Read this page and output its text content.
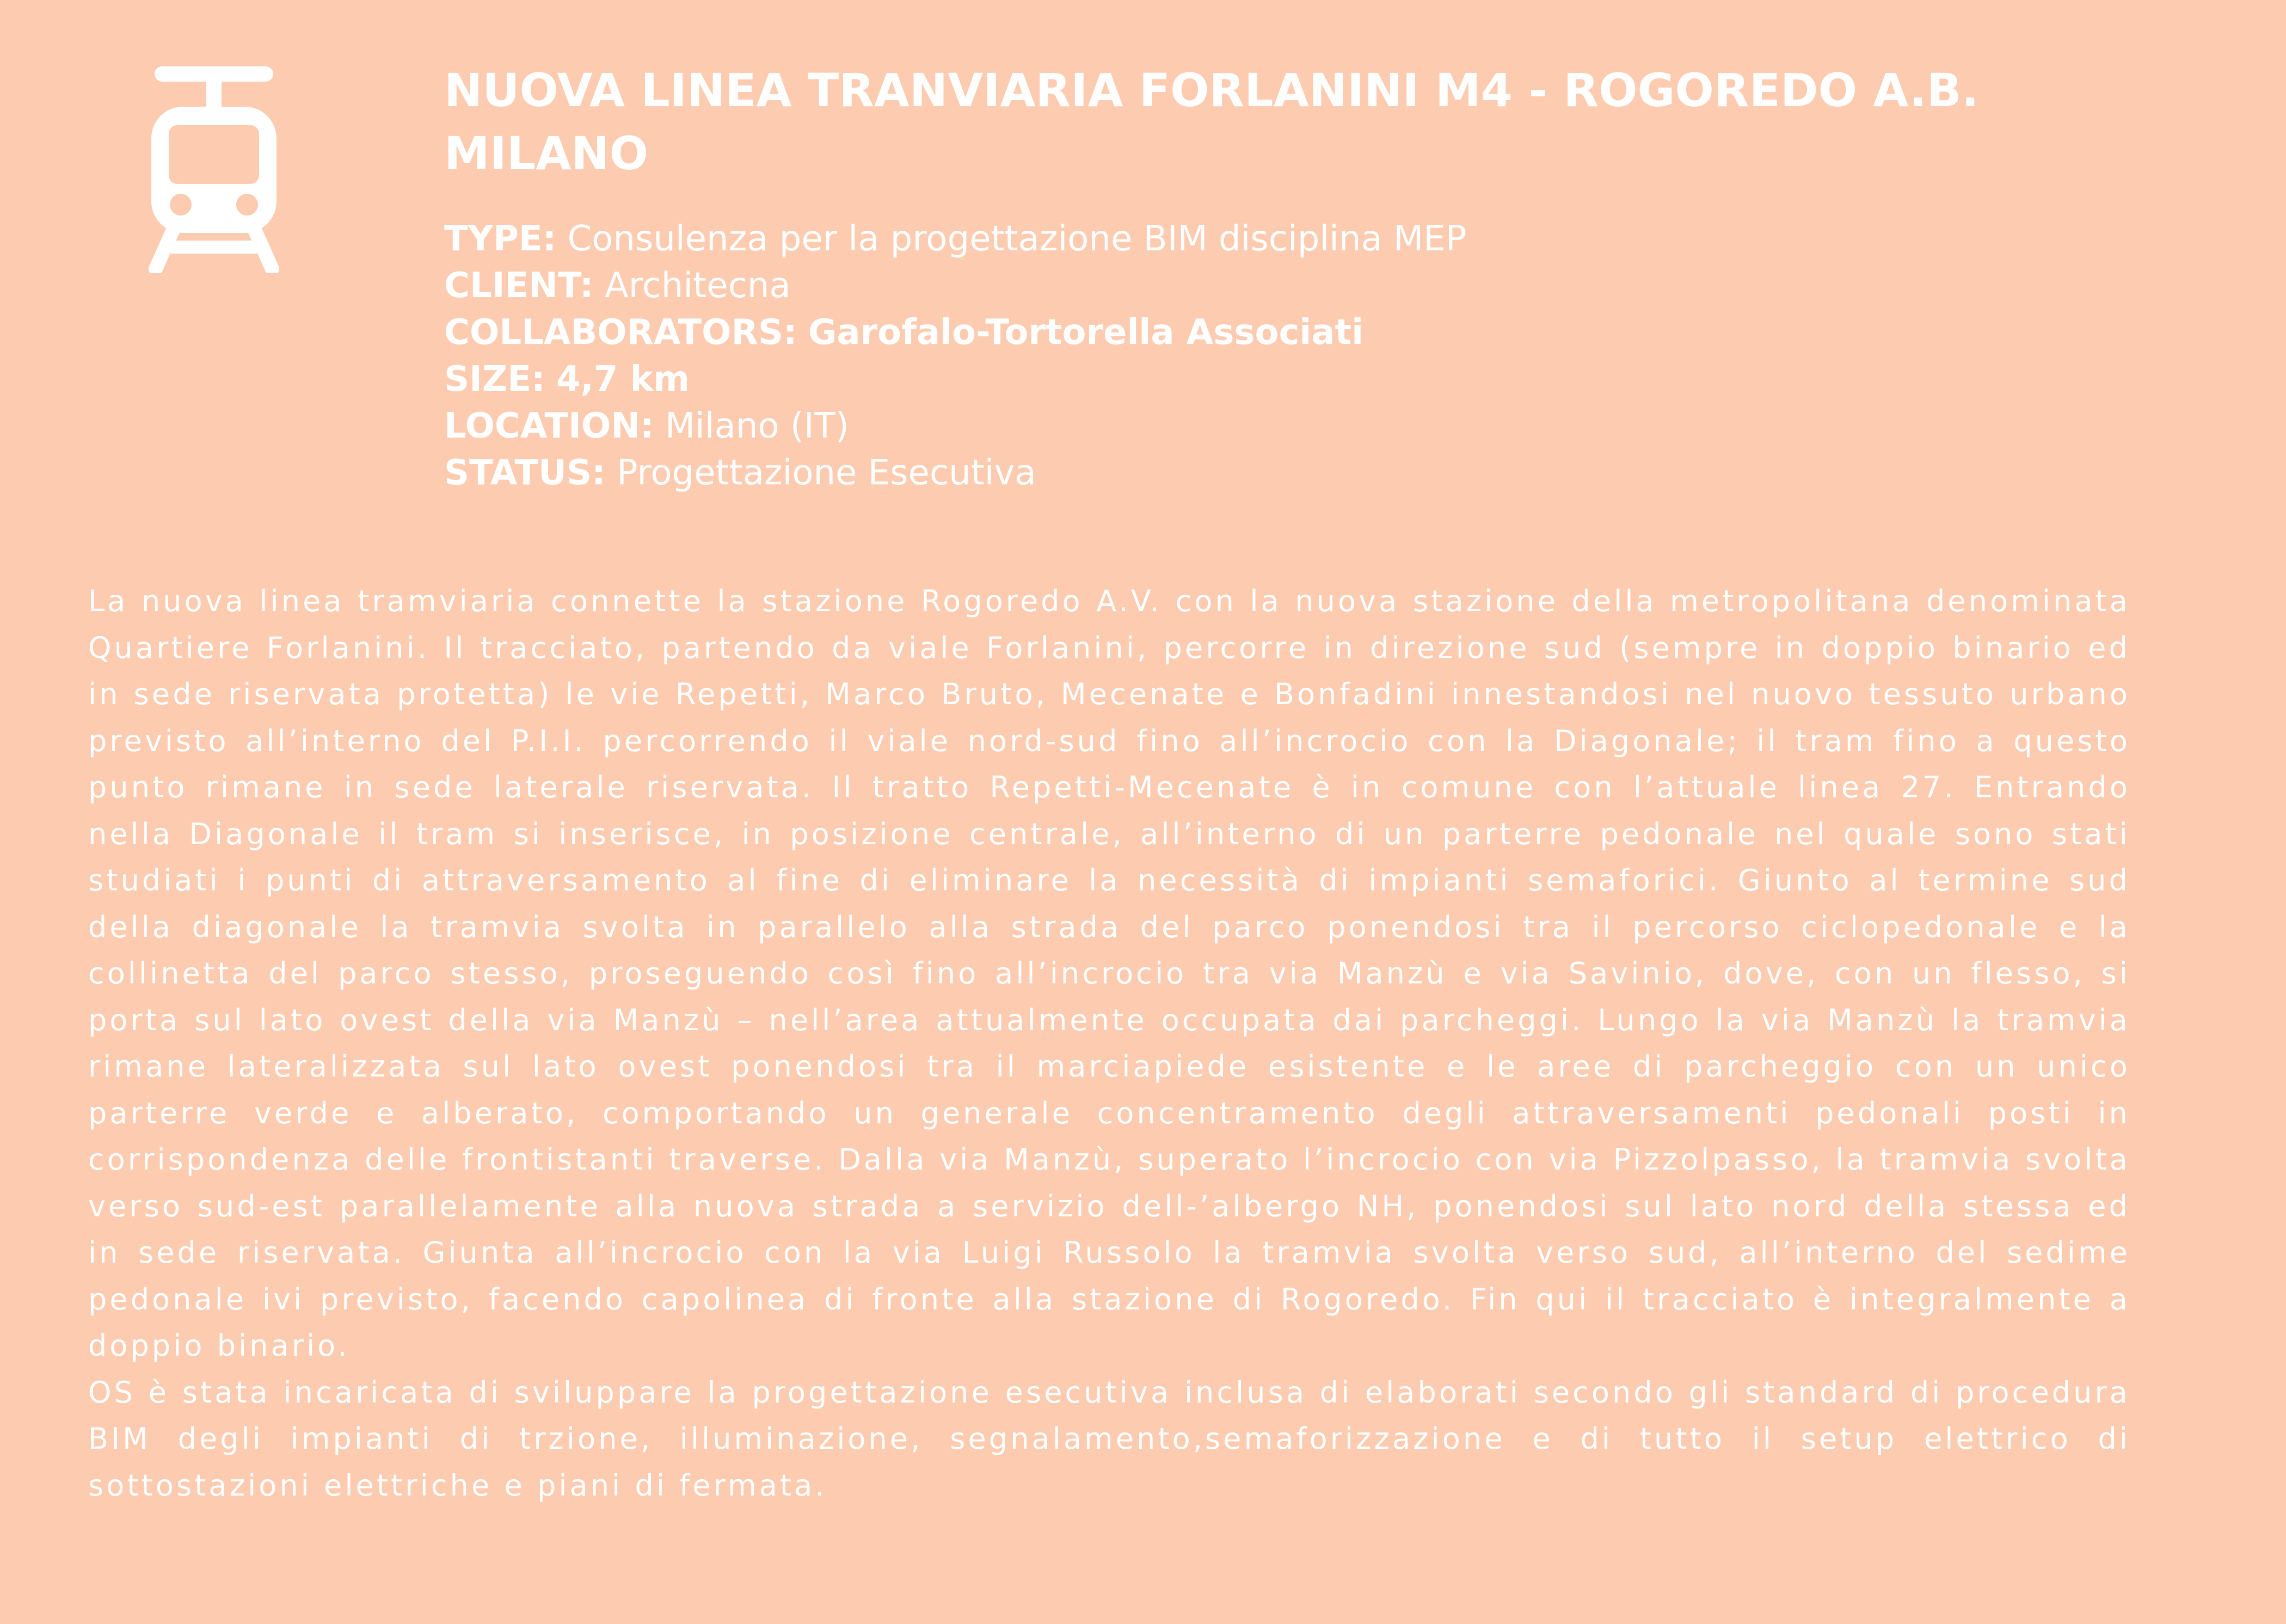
NUOVA LINEA TRANVIARIA FORLANINI M4 - ROGOREDO A.B.
MILANO
TYPE: Consulenza per la progettazione BIM disciplina MEP
CLIENT: Architecna
COLLABORATORS: Garofalo-Tortorella Associati
SIZE: 4,7 km
LOCATION: Milano (IT)
STATUS: Progettazione Esecutiva

La nuova linea tramviaria connette la stazione Rogoredo A.V. con la nuova stazione della metropolitana denominata Quartiere Forlanini. Il tracciato, partendo da viale Forlanini, percorre in direzione sud (sempre in doppio binario ed in sede riservata protetta) le vie Repetti, Marco Bruto, Mecenate e Bonfadini innestandosi nel nuovo tessuto urbano previsto all’interno del P.I.I. percorrendo il viale nord-sud fino all’incrocio con la Diagonale; il tram fino a questo punto rimane in sede laterale riservata. Il tratto Repetti-Mecenate è in comune con l’attuale linea 27. Entrando nella Diagonale il tram si inserisce, in posizione centrale, all’interno di un parterre pedonale nel quale sono stati studiati i punti di attraversamento al fine di eliminare la necessità di impianti semaforici. Giunto al termine sud della diagonale la tramvia svolta in parallelo alla strada del parco ponendosi tra il percorso ciclopedonale e la collinetta del parco stesso, proseguendo così fino all’incrocio tra via Manzù e via Savinio, dove, con un flesso, si porta sul lato ovest della via Manzù – nell’area attualmente occupata dai parcheggi. Lungo la via Manzù la tramvia rimane lateralizzata sul lato ovest ponendosi tra il marciapiede esistente e le aree di parcheggio con un unico parterre verde e alberato, comportando un generale concentramento degli attraversamenti pedonali posti in corrispondenza delle frontistanti traverse. Dalla via Manzù, superato l’incrocio con via Pizzolpasso, la tramvia svolta verso sud-est parallelamente alla nuova strada a servizio dell-’albergo NH, ponendosi sul lato nord della stessa ed in sede riservata. Giunta all’incrocio con la via Luigi Russolo la tramvia svolta verso sud, all’interno del sedime pedonale ivi previsto, facendo capolinea di fronte alla stazione di Rogoredo. Fin qui il tracciato è integralmente a doppio binario.

OS è stata incaricata di sviluppare la progettazione esecutiva inclusa di elaborati secondo gli standard di procedura BIM degli impianti di trzione, illuminazione, segnalamento,semaforizzazione e di tutto il setup elettrico di sottostazioni elettriche e piani di fermata.
